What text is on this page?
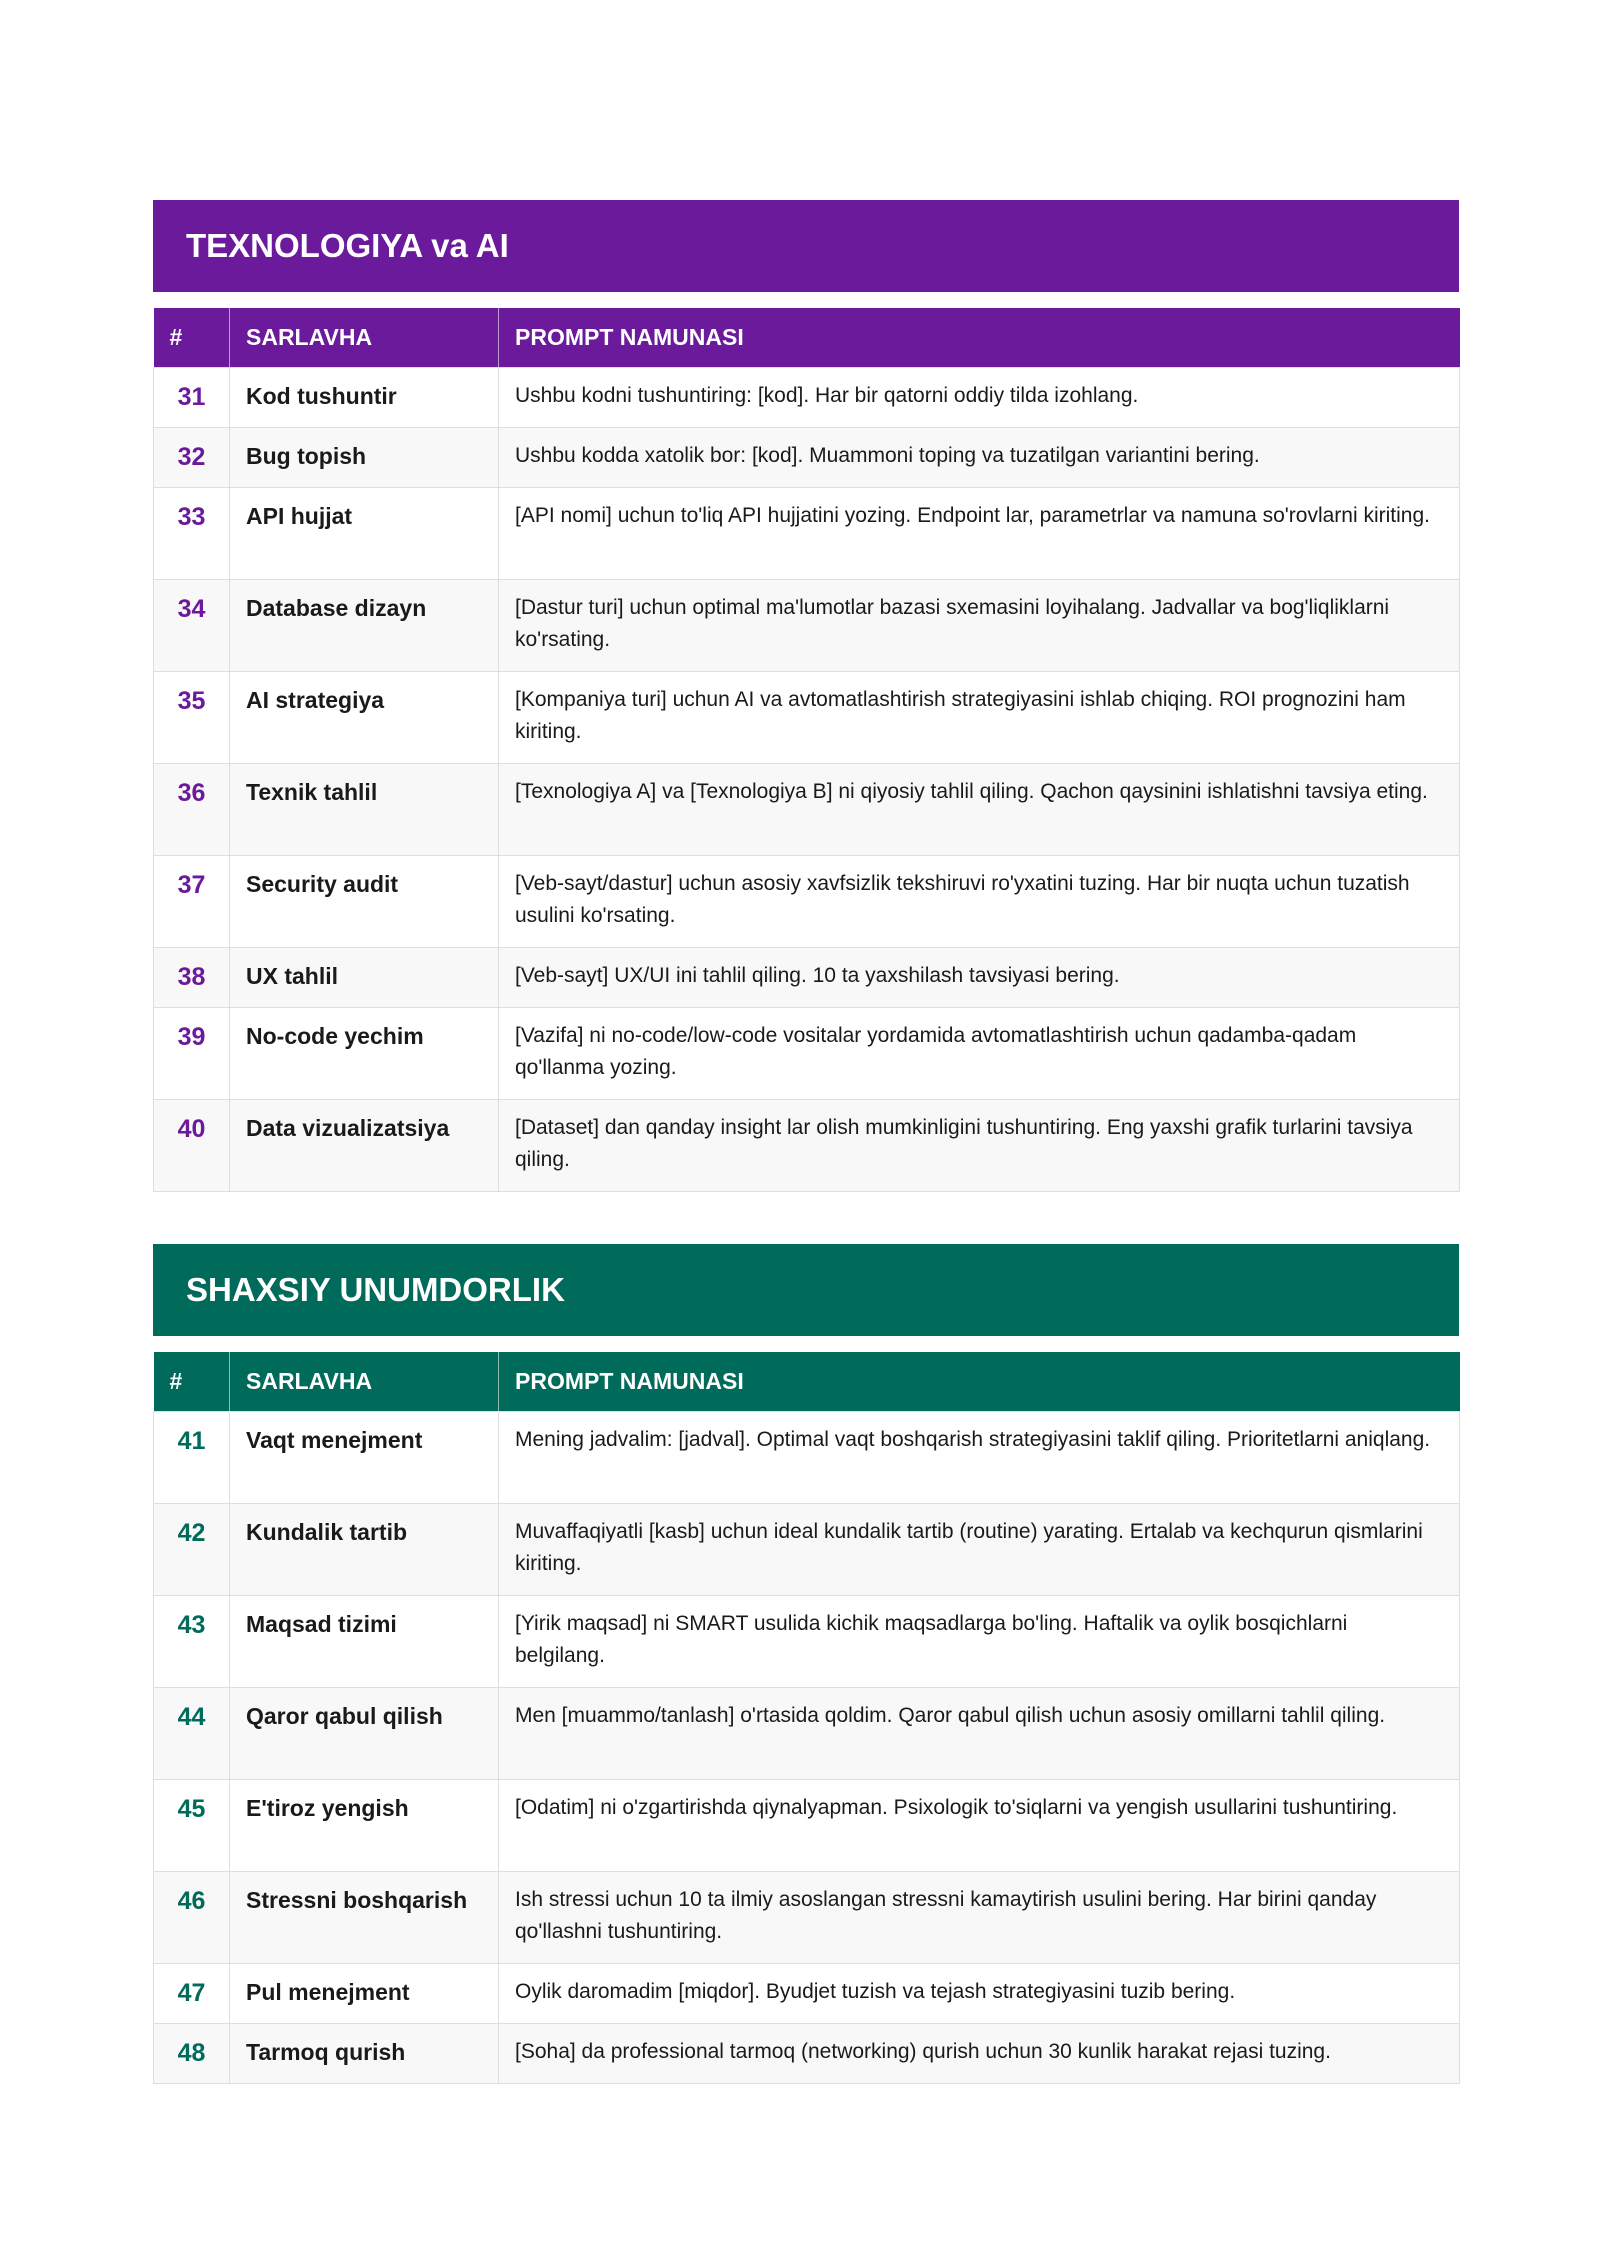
TEXNOLOGIYA va AI
#	SARLAVHA	PROMPT NAMUNASI
31	Kod tushuntir	Ushbu kodni tushuntiring: [kod]. Har bir qatorni oddiy tilda izohlang.
32	Bug topish	Ushbu kodda xatolik bor: [kod]. Muammoni toping va tuzatilgan variantini bering.
33	API hujjat	[API nomi] uchun to'liq API hujjatini yozing. Endpoint lar, parametrlar va namuna so'rovlarni kiriting.
34	Database dizayn	[Dastur turi] uchun optimal ma'lumotlar bazasi sxemasini loyihalang. Jadvallar va bog'liqliklarni ko'rsating.
35	AI strategiya	[Kompaniya turi] uchun AI va avtomatlashtirish strategiyasini ishlab chiqing. ROI prognozini ham kiriting.
36	Texnik tahlil	[Texnologiya A] va [Texnologiya B] ni qiyosiy tahlil qiling. Qachon qaysinini ishlatishni tavsiya eting.
37	Security audit	[Veb-sayt/dastur] uchun asosiy xavfsizlik tekshiruvi ro'yxatini tuzing. Har bir nuqta uchun tuzatish usulini ko'rsating.
38	UX tahlil	[Veb-sayt] UX/UI ini tahlil qiling. 10 ta yaxshilash tavsiyasi bering.
39	No-code yechim	[Vazifa] ni no-code/low-code vositalar yordamida avtomatlashtirish uchun qadamba-qadam qo'llanma yozing.
40	Data vizualizatsiya	[Dataset] dan qanday insight lar olish mumkinligini tushuntiring. Eng yaxshi grafik turlarini tavsiya qiling.
SHAXSIY UNUMDORLIK
#	SARLAVHA	PROMPT NAMUNASI
41	Vaqt menejment	Mening jadvalim: [jadval]. Optimal vaqt boshqarish strategiyasini taklif qiling. Prioritetlarni aniqlang.
42	Kundalik tartib	Muvaffaqiyatli [kasb] uchun ideal kundalik tartib (routine) yarating. Ertalab va kechqurun qismlarini kiriting.
43	Maqsad tizimi	[Yirik maqsad] ni SMART usulida kichik maqsadlarga bo'ling. Haftalik va oylik bosqichlarni belgilang.
44	Qaror qabul qilish	Men [muammo/tanlash] o'rtasida qoldim. Qaror qabul qilish uchun asosiy omillarni tahlil qiling.
45	E'tiroz yengish	[Odatim] ni o'zgartirishda qiynalyapman. Psixologik to'siqlarni va yengish usullarini tushuntiring.
46	Stressni boshqarish	Ish stressi uchun 10 ta ilmiy asoslangan stressni kamaytirish usulini bering. Har birini qanday qo'llashni tushuntiring.
47	Pul menejment	Oylik daromadim [miqdor]. Byudjet tuzish va tejash strategiyasini tuzib bering.
48	Tarmoq qurish	[Soha] da professional tarmoq (networking) qurish uchun 30 kunlik harakat rejasi tuzing.
